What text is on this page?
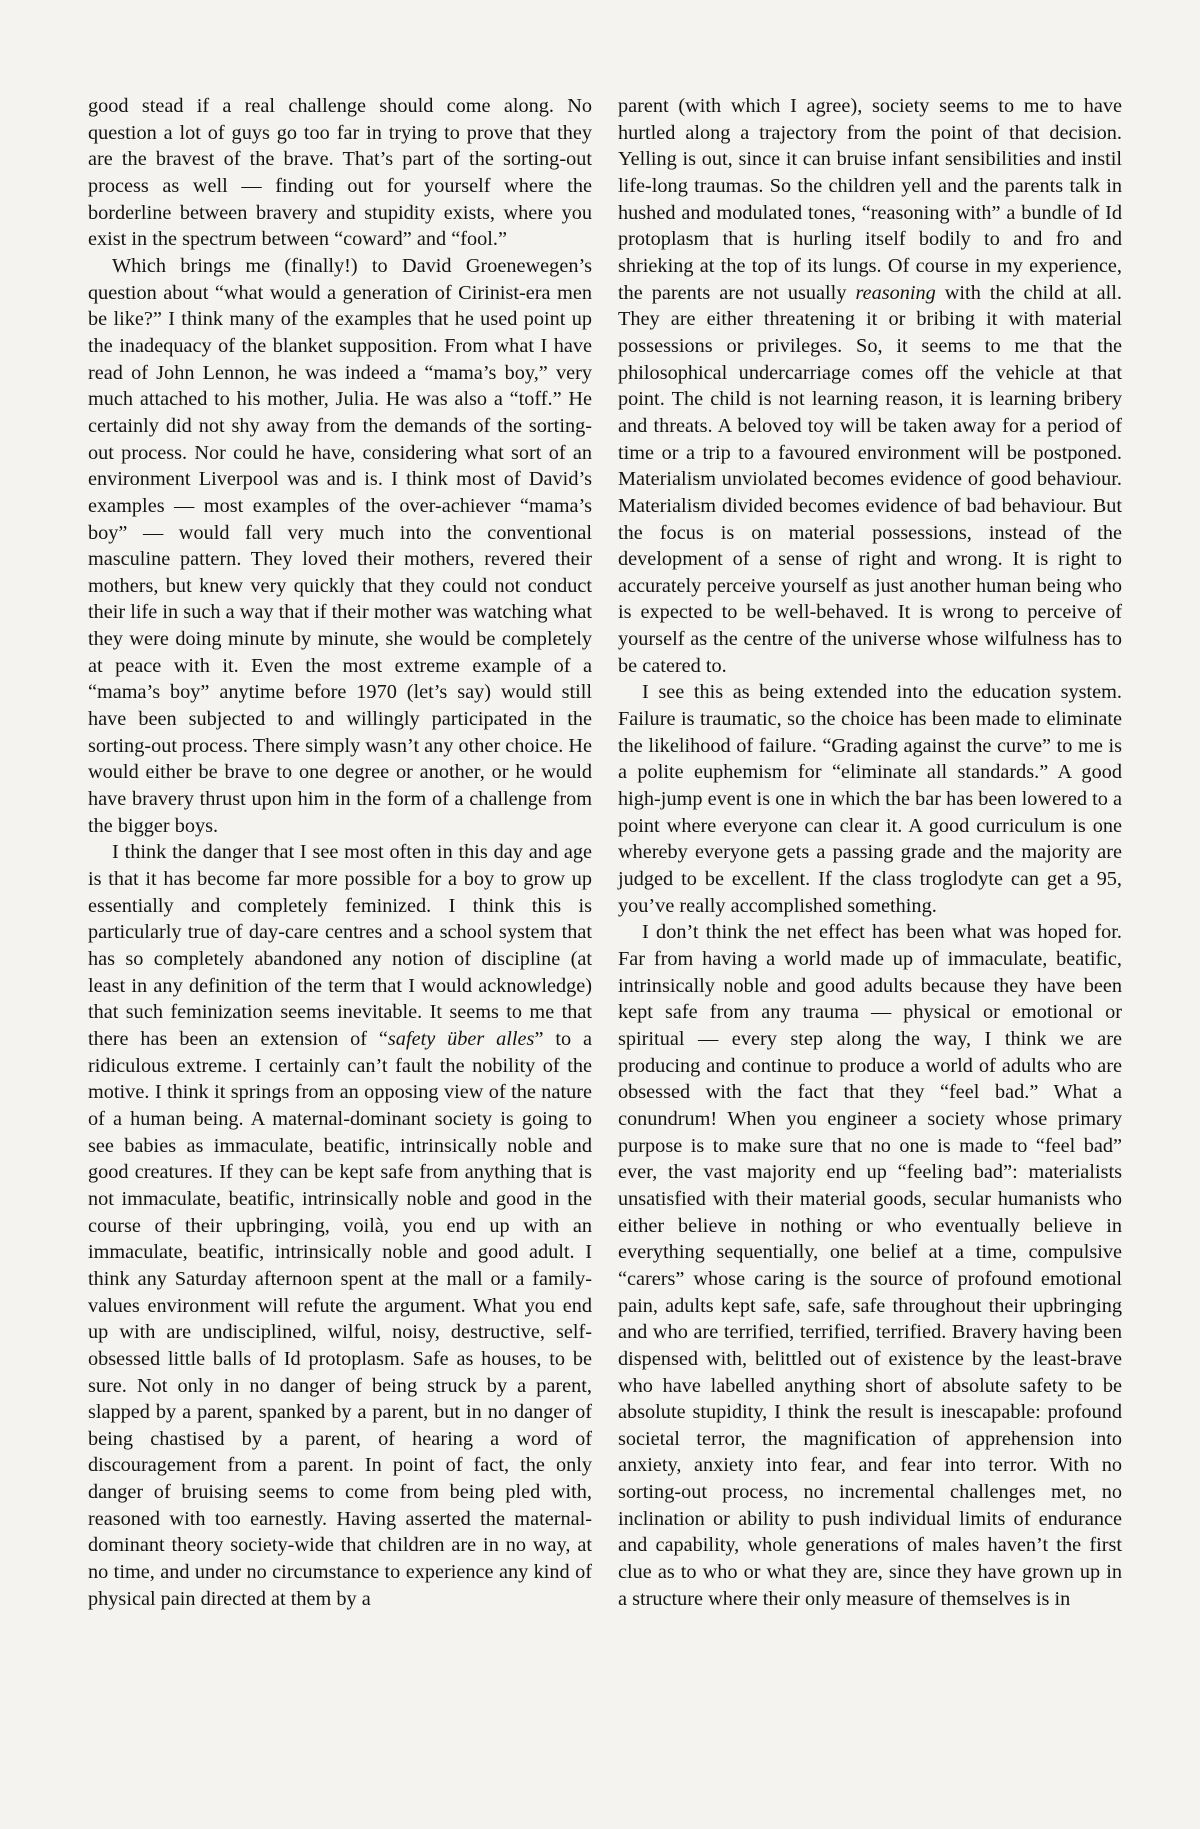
good stead if a real challenge should come along. No question a lot of guys go too far in trying to prove that they are the bravest of the brave. That’s part of the sorting-out process as well — finding out for yourself where the borderline between bravery and stupidity exists, where you exist in the spectrum between “coward” and “fool.”

Which brings me (finally!) to David Groenewegen’s question about “what would a generation of Cirinist-era men be like?” I think many of the examples that he used point up the inadequacy of the blanket supposition. From what I have read of John Lennon, he was indeed a “mama’s boy,” very much attached to his mother, Julia. He was also a “toff.” He certainly did not shy away from the demands of the sorting-out process. Nor could he have, considering what sort of an environment Liverpool was and is. I think most of David’s examples — most examples of the over-achiever “mama’s boy” — would fall very much into the conventional masculine pattern. They loved their mothers, revered their mothers, but knew very quickly that they could not conduct their life in such a way that if their mother was watching what they were doing minute by minute, she would be completely at peace with it. Even the most extreme example of a “mama’s boy” anytime before 1970 (let’s say) would still have been subjected to and willingly participated in the sorting-out process. There simply wasn’t any other choice. He would either be brave to one degree or another, or he would have bravery thrust upon him in the form of a challenge from the bigger boys.

I think the danger that I see most often in this day and age is that it has become far more possible for a boy to grow up essentially and completely feminized. I think this is particularly true of day-care centres and a school system that has so completely abandoned any notion of discipline (at least in any definition of the term that I would acknowledge) that such feminization seems inevitable. It seems to me that there has been an extension of “safety über alles” to a ridiculous extreme. I certainly can’t fault the nobility of the motive. I think it springs from an opposing view of the nature of a human being. A maternal-dominant society is going to see babies as immaculate, beatific, intrinsically noble and good creatures. If they can be kept safe from anything that is not immaculate, beatific, intrinsically noble and good in the course of their upbringing, voilà, you end up with an immaculate, beatific, intrinsically noble and good adult. I think any Saturday afternoon spent at the mall or a family-values environment will refute the argument. What you end up with are undisciplined, wilful, noisy, destructive, self-obsessed little balls of Id protoplasm. Safe as houses, to be sure. Not only in no danger of being struck by a parent, slapped by a parent, spanked by a parent, but in no danger of being chastised by a parent, of hearing a word of discouragement from a parent. In point of fact, the only danger of bruising seems to come from being pled with, reasoned with too earnestly. Having asserted the maternal-dominant theory society-wide that children are in no way, at no time, and under no circumstance to experience any kind of physical pain directed at them by a

parent (with which I agree), society seems to me to have hurtled along a trajectory from the point of that decision. Yelling is out, since it can bruise infant sensibilities and instil life-long traumas. So the children yell and the parents talk in hushed and modulated tones, “reasoning with” a bundle of Id protoplasm that is hurling itself bodily to and fro and shrieking at the top of its lungs. Of course in my experience, the parents are not usually reasoning with the child at all. They are either threatening it or bribing it with material possessions or privileges. So, it seems to me that the philosophical undercarriage comes off the vehicle at that point. The child is not learning reason, it is learning bribery and threats. A beloved toy will be taken away for a period of time or a trip to a favoured environment will be postponed. Materialism unviolated becomes evidence of good behaviour. Materialism divided becomes evidence of bad behaviour. But the focus is on material possessions, instead of the development of a sense of right and wrong. It is right to accurately perceive yourself as just another human being who is expected to be well-behaved. It is wrong to perceive of yourself as the centre of the universe whose wilfulness has to be catered to.

I see this as being extended into the education system. Failure is traumatic, so the choice has been made to eliminate the likelihood of failure. “Grading against the curve” to me is a polite euphemism for “eliminate all standards.” A good high-jump event is one in which the bar has been lowered to a point where everyone can clear it. A good curriculum is one whereby everyone gets a passing grade and the majority are judged to be excellent. If the class troglodyte can get a 95, you’ve really accomplished something.

I don’t think the net effect has been what was hoped for. Far from having a world made up of immaculate, beatific, intrinsically noble and good adults because they have been kept safe from any trauma — physical or emotional or spiritual — every step along the way, I think we are producing and continue to produce a world of adults who are obsessed with the fact that they “feel bad.” What a conundrum! When you engineer a society whose primary purpose is to make sure that no one is made to “feel bad” ever, the vast majority end up “feeling bad”: materialists unsatisfied with their material goods, secular humanists who either believe in nothing or who eventually believe in everything sequentially, one belief at a time, compulsive “carers” whose caring is the source of profound emotional pain, adults kept safe, safe, safe throughout their upbringing and who are terrified, terrified, terrified. Bravery having been dispensed with, belittled out of existence by the least-brave who have labelled anything short of absolute safety to be absolute stupidity, I think the result is inescapable: profound societal terror, the magnification of apprehension into anxiety, anxiety into fear, and fear into terror. With no sorting-out process, no incremental challenges met, no inclination or ability to push individual limits of endurance and capability, whole generations of males haven’t the first clue as to who or what they are, since they have grown up in a structure where their only measure of themselves is in
